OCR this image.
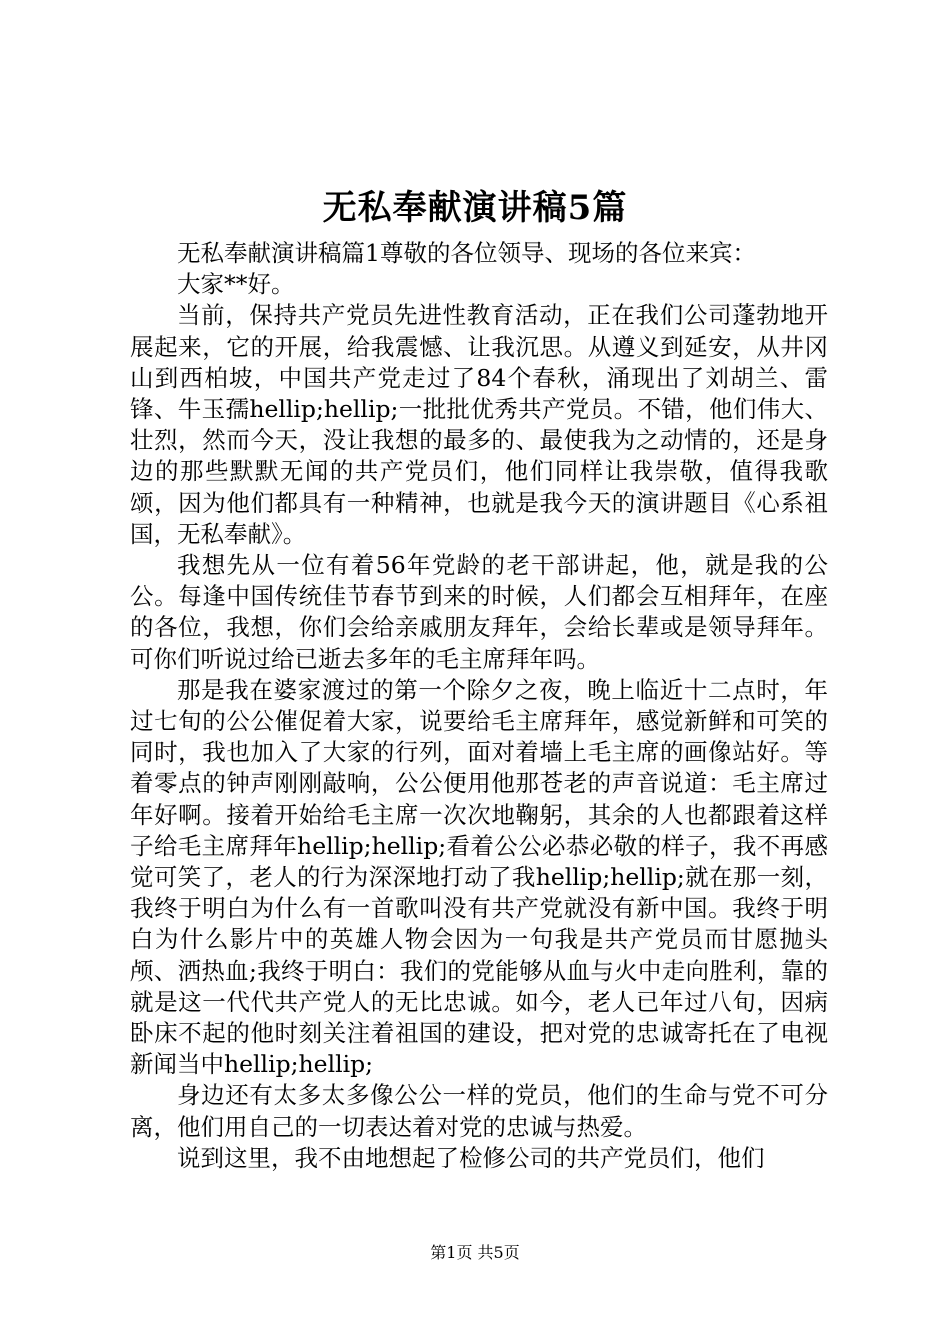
无私奉献演讲稿5篇

无私奉献演讲稿篇1尊敬的各位领导、现场的各位来宾：

大家**好。

当前，保持共产党员先进性教育活动，正在我们公司蓬勃地开展起来，它的开展，给我震憾、让我沉思。从遵义到延安，从井冈山到西柏坡，中国共产党走过了84个春秋，涌现出了刘胡兰、雷锋、牛玉孺hellip;hellip;一批批优秀共产党员。不错，他们伟大、壮烈，然而今天，没让我想的最多的、最使我为之动情的，还是身边的那些默默无闻的共产党员们，他们同样让我崇敬，值得我歌颂，因为他们都具有一种精神，也就是我今天的演讲题目《心系祖国，无私奉献》。

我想先从一位有着56年党龄的老干部讲起，他，就是我的公公。每逢中国传统佳节春节到来的时候，人们都会互相拜年，在座的各位，我想，你们会给亲戚朋友拜年，会给长辈或是领导拜年。可你们听说过给已逝去多年的毛主席拜年吗。

那是我在婆家渡过的第一个除夕之夜，晚上临近十二点时，年过七旬的公公催促着大家，说要给毛主席拜年，感觉新鲜和可笑的同时，我也加入了大家的行列，面对着墙上毛主席的画像站好。等着零点的钟声刚刚敲响，公公便用他那苍老的声音说道：毛主席过年好啊。接着开始给毛主席一次次地鞠躬，其余的人也都跟着这样子给毛主席拜年hellip;hellip;看着公公必恭必敬的样子，我不再感觉可笑了，老人的行为深深地打动了我hellip;hellip;就在那一刻，我终于明白为什么有一首歌叫没有共产党就没有新中国。我终于明白为什么影片中的英雄人物会因为一句我是共产党员而甘愿抛头颅、洒热血;我终于明白：我们的党能够从血与火中走向胜利，靠的就是这一代代共产党人的无比忠诚。如今，老人已年过八旬，因病卧床不起的他时刻关注着祖国的建设，把对党的忠诚寄托在了电视新闻当中hellip;hellip;

身边还有太多太多像公公一样的党员，他们的生命与党不可分离，他们用自己的一切表达着对党的忠诚与热爱。

说到这里，我不由地想起了检修公司的共产党员们，他们

第1页 共5页
